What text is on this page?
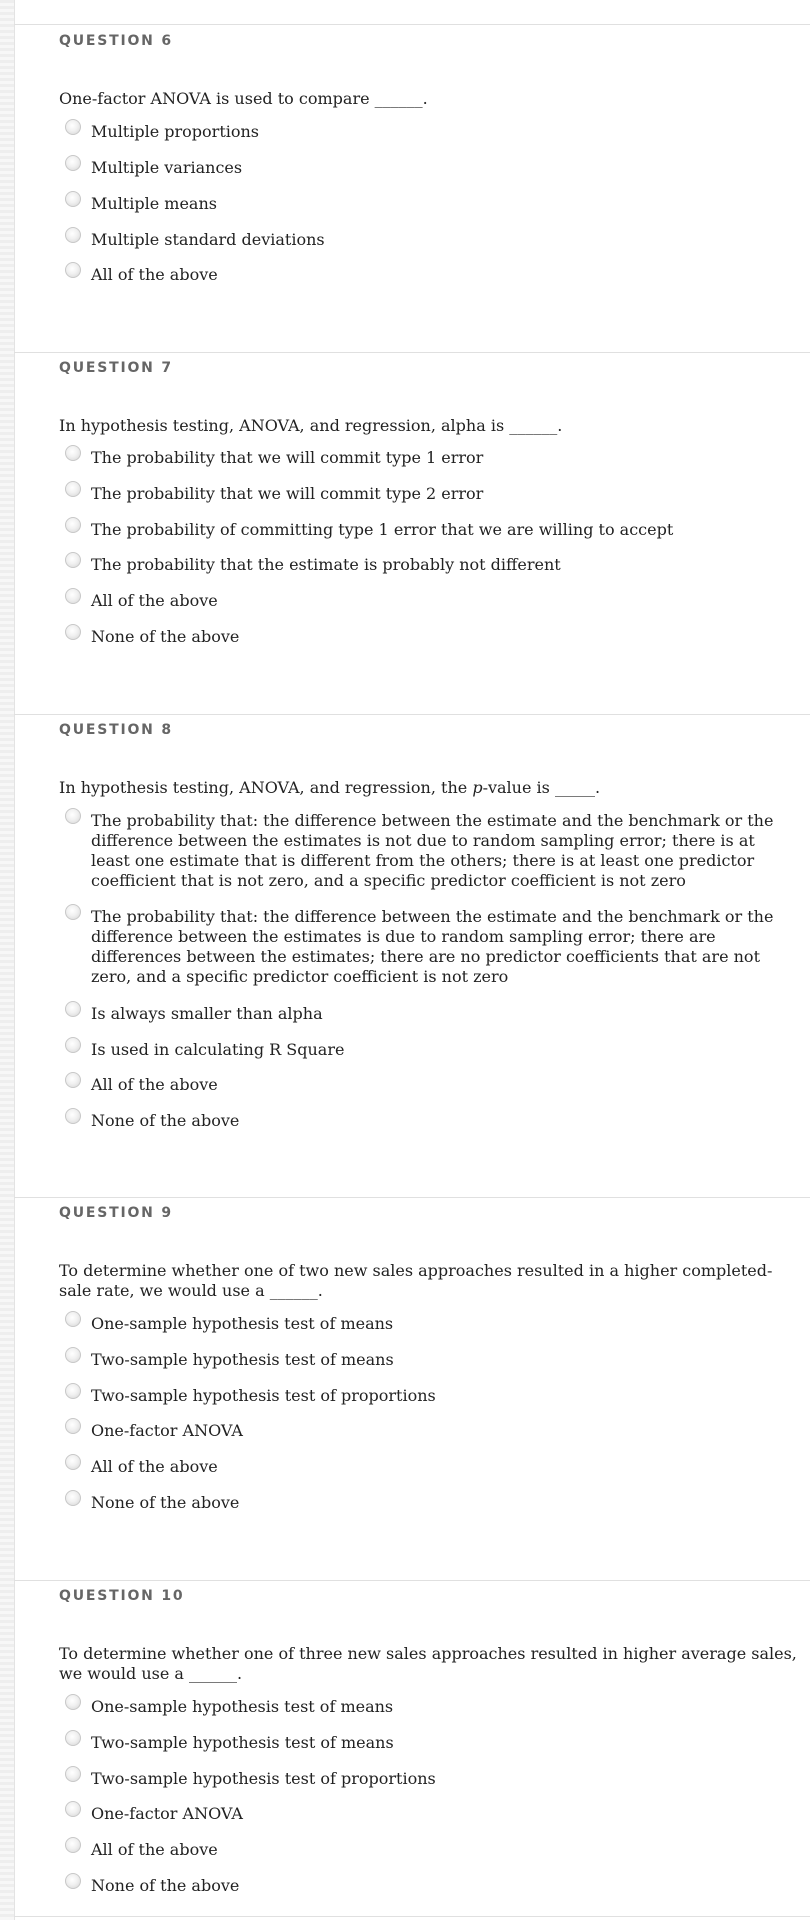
QUESTION 6
One-factor ANOVA is used to compare ______.
Multiple proportions
Multiple variances
Multiple means
Multiple standard deviations
All of the above
QUESTION 7
In hypothesis testing, ANOVA, and regression, alpha is ______.
The probability that we will commit type 1 error
The probability that we will commit type 2 error
The probability of committing type 1 error that we are willing to accept
The probability that the estimate is probably not different
All of the above
None of the above
QUESTION 8
In hypothesis testing, ANOVA, and regression, the p-value is _____.
The probability that: the difference between the estimate and the benchmark or the difference between the estimates is not due to random sampling error; there is at least one estimate that is different from the others; there is at least one predictor coefficient that is not zero, and a specific predictor coefficient is not zero
The probability that: the difference between the estimate and the benchmark or the difference between the estimates is due to random sampling error; there are differences between the estimates; there are no predictor coefficients that are not zero, and a specific predictor coefficient is not zero
Is always smaller than alpha
Is used in calculating R Square
All of the above
None of the above
QUESTION 9
To determine whether one of two new sales approaches resulted in a higher completed-sale rate, we would use a ______.
One-sample hypothesis test of means
Two-sample hypothesis test of means
Two-sample hypothesis test of proportions
One-factor ANOVA
All of the above
None of the above
QUESTION 10
To determine whether one of three new sales approaches resulted in higher average sales, we would use a ______.
One-sample hypothesis test of means
Two-sample hypothesis test of means
Two-sample hypothesis test of proportions
One-factor ANOVA
All of the above
None of the above
